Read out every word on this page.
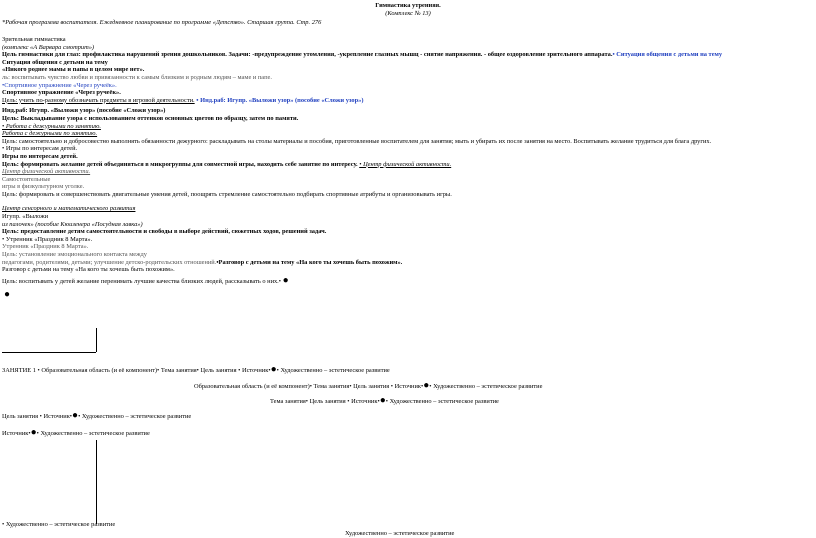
Гимнастика утренняя.
(Комплекс № 13)
*Рабочая программа воспитателя. Ежедневное планирование по программе «Детство». Старшая группа. Стр. 276
Зрительная гимнастика
(комплекс «А Варвара смотрит»)
Цель гимнастики для глаз: профилактика нарушений зрения дошкольников. Задачи: -предупреждение утомления, -укрепление глазных мышц - снятие напряжения. - общее оздоровление зрительного аппарата.• Ситуация общения с детьми на тему
Ситуация общения с детьми на тему
«Никого роднее мамы и папы в целом мире нет».
ль: воспитывать чувство любви и привязанности к самым близким и родным людям – маме и папе.
•Спортивное упражнение «Через ручеёк».
Спортивное упражнение «Через ручеёк».
Цель: учить по-разному обозначать предметы в игровой деятельности. • Инд.раб: Игупр. «Выложи узор» (пособие «Сложи узор»)
Инд.раб: Игупр. «Выложи узор» (пособие «Сложи узор»)
Цель: Выкладывание узора с использованием оттенков основных цветов по образцу, затем по памяти.
• Работа с дежурными по занятию.
Работа с дежурными по занятию.
Цель: самостоятельно и добросовестно выполнять обязанности дежурного: раскладывать на столы материалы и пособия, приготовленные воспитателем для занятия; мыть и убирать их после занятия на место. Воспитывать желание трудиться для блага других.
• Игры по интересам детей.
Игры по интересам детей.
Цель: формировать желание детей объединяться в микрогруппы для совместной игры, находить себе занятие по интересу. • Центр физической активности.
Центр физической активности.
Самостоятельные
игры в физкультурном уголке.
Цель: формировать и совершенствовать двигательные умения детей, поощрять стремление самостоятельно подбирать спортивные атрибуты и организовывать игры.
Центр сенсорного и математического развития
Игупр. «Выложи
из палочек» (пособие Кюизенера «Посудная лавка»)
Цель: предоставление детям самостоятельности и свободы в выборе действий, сюжетных ходов, решений задач.
• Утренник «Праздник 8 Марта».
Утренник «Праздник 8 Марта».
Цель: установление эмоционального контакта между
педагогами, родителями, детьми; улучшение детско-родительских отношений.•Разговор с детьми на тему «На кого ты хочешь быть похожим».
Разговор с детьми на тему «На кого ты хочешь быть похожим».
Цель: воспитывать у детей желание перенимать лучшие качества близких людей, рассказывать о них.• ●
●
ЗАНЯТИЕ 1 • Образовательная область (и её компонент)• Тема занятия• Цель занятия • Источник•●• Художественно – эстетическое развитие
Образовательная область (и её компонент)• Тема занятия• Цель занятия • Источник•●• Художественно – эстетическое развитие
Тема занятия• Цель занятия • Источник•●• Художественно – эстетическое развитие
Цель занятия • Источник•●• Художественно – эстетическое развитие
Источник•●• Художественно – эстетическое развитие
• Художественно – эстетическое развитие
Художественно – эстетическое развитие
